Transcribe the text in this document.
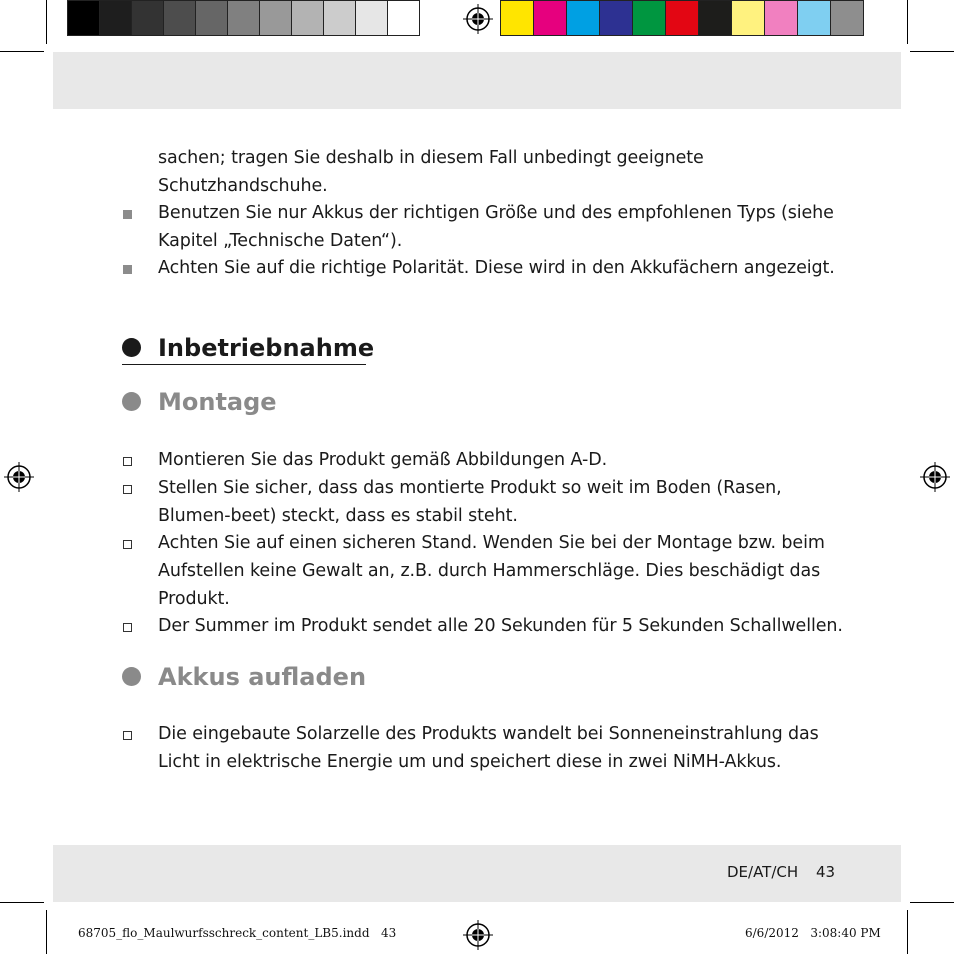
sachen; tragen Sie deshalb in diesem Fall unbedingt geeignete Schutzhandschuhe.
Benutzen Sie nur Akkus der richtigen Größe und des empfohlenen Typs (siehe Kapitel „Technische Daten“).
Achten Sie auf die richtige Polarität. Diese wird in den Akkufächern angezeigt.
Inbetriebnahme
Montage
Montieren Sie das Produkt gemäß Abbildungen A-D.
Stellen Sie sicher, dass das montierte Produkt so weit im Boden (Rasen, Blumen-beet) steckt, dass es stabil steht.
Achten Sie auf einen sicheren Stand. Wenden Sie bei der Montage bzw. beim Aufstellen keine Gewalt an, z.B. durch Hammerschläge. Dies beschädigt das Produkt.
Der Summer im Produkt sendet alle 20 Sekunden für 5 Sekunden Schallwellen.
Akkus aufladen
Die eingebaute Solarzelle des Produkts wandelt bei Sonneneinstrahlung das Licht in elektrische Energie um und speichert diese in zwei NiMH-Akkus.
DE/AT/CH 43
68705_flo_Maulwurfsschreck_content_LB5.indd   43	6/6/2012   3:08:40 PM
